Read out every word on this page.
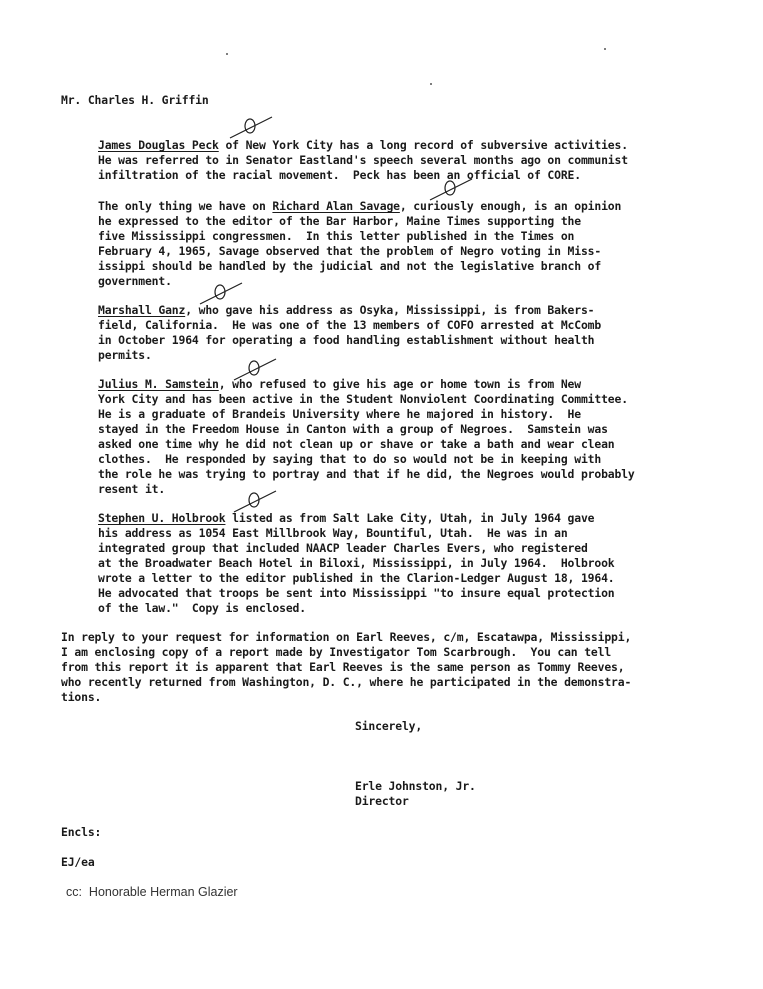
Mr. Charles H. Griffin
James Douglas Peck of New York City has a long record of subversive activities.
He was referred to in Senator Eastland's speech several months ago on communist
infiltration of the racial movement.  Peck has been an official of CORE.
The only thing we have on Richard Alan Savage, curiously enough, is an opinion
he expressed to the editor of the Bar Harbor, Maine Times supporting the
five Mississippi congressmen.  In this letter published in the Times on
February 4, 1965, Savage observed that the problem of Negro voting in Miss-
issippi should be handled by the judicial and not the legislative branch of
government.
Marshall Ganz, who gave his address as Osyka, Mississippi, is from Bakers-
field, California.  He was one of the 13 members of COFO arrested at McComb
in October 1964 for operating a food handling establishment without health
permits.
Julius M. Samstein, who refused to give his age or home town is from New
York City and has been active in the Student Nonviolent Coordinating Committee.
He is a graduate of Brandeis University where he majored in history.  He
stayed in the Freedom House in Canton with a group of Negroes.  Samstein was
asked one time why he did not clean up or shave or take a bath and wear clean
clothes.  He responded by saying that to do so would not be in keeping with
the role he was trying to portray and that if he did, the Negroes would probably
resent it.
Stephen U. Holbrook listed as from Salt Lake City, Utah, in July 1964 gave
his address as 1054 East Millbrook Way, Bountiful, Utah.  He was in an
integrated group that included NAACP leader Charles Evers, who registered
at the Broadwater Beach Hotel in Biloxi, Mississippi, in July 1964.  Holbrook
wrote a letter to the editor published in the Clarion-Ledger August 18, 1964.
He advocated that troops be sent into Mississippi "to insure equal protection
of the law."  Copy is enclosed.
In reply to your request for information on Earl Reeves, c/m, Escatawpa, Mississippi,
I am enclosing copy of a report made by Investigator Tom Scarbrough.  You can tell
from this report it is apparent that Earl Reeves is the same person as Tommy Reeves,
who recently returned from Washington, D. C., where he participated in the demonstra-
tions.
Sincerely,
Erle Johnston, Jr.
Director
Encls:
EJ/ea
cc:  Honorable Herman Glazier
